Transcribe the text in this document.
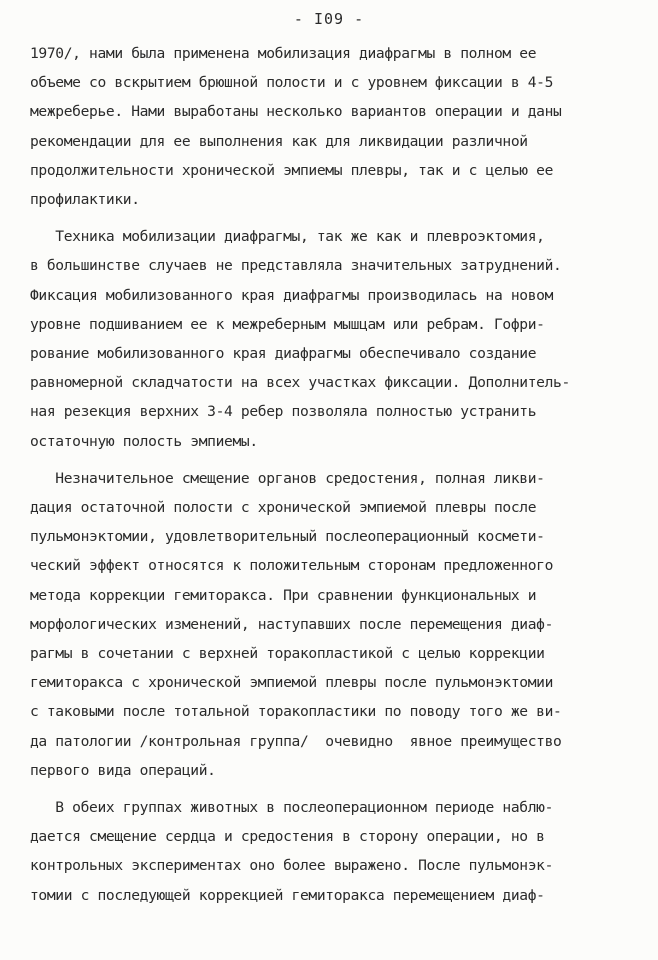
- I09 -
1970/, нами была применена мобилизация диафрагмы в полном ее
объеме со вскрытием брюшной полости и с уровнем фиксации в 4-5
межреберье. Нами выработаны несколько вариантов операции и даны
рекомендации для ее выполнения как для ликвидации различной
продолжительности хронической эмпиемы плевры, так и с целью ее
профилактики.
Техника мобилизации диафрагмы, так же как и плевроэктомия,
в большинстве случаев не представляла значительных затруднений.
Фиксация мобилизованного края диафрагмы производилась на новом
уровне подшиванием ее к межреберным мышцам или ребрам. Гофри-
рование мобилизованного края диафрагмы обеспечивало создание
равномерной складчатости на всех участках фиксации. Дополнитель-
ная резекция верхних 3-4 ребер позволяла полностью устранить
остаточную полость эмпиемы.
Незначительное смещение органов средостения, полная ликви-
дация остаточной полости с хронической эмпиемой плевры после
пульмонэктомии, удовлетворительный послеоперационный космети-
ческий эффект относятся к положительным сторонам предложенного
метода коррекции гемиторакса. При сравнении функциональных и
морфологических изменений, наступавших после перемещения диаф-
рагмы в сочетании с верхней торакопластикой с целью коррекции
гемиторакса с хронической эмпиемой плевры после пульмонэктомии
с таковыми после тотальной торакопластики по поводу того же ви-
да патологии /контрольная группа/  очевидно  явное преимущество
первого вида операций.
В обеих группах животных в послеоперационном периоде наблю-
дается смещение сердца и средостения в сторону операции, но в
контрольных экспериментах оно более выражено. После пульмонэк-
томии с последующей коррекцией гемиторакса перемещением диаф-
